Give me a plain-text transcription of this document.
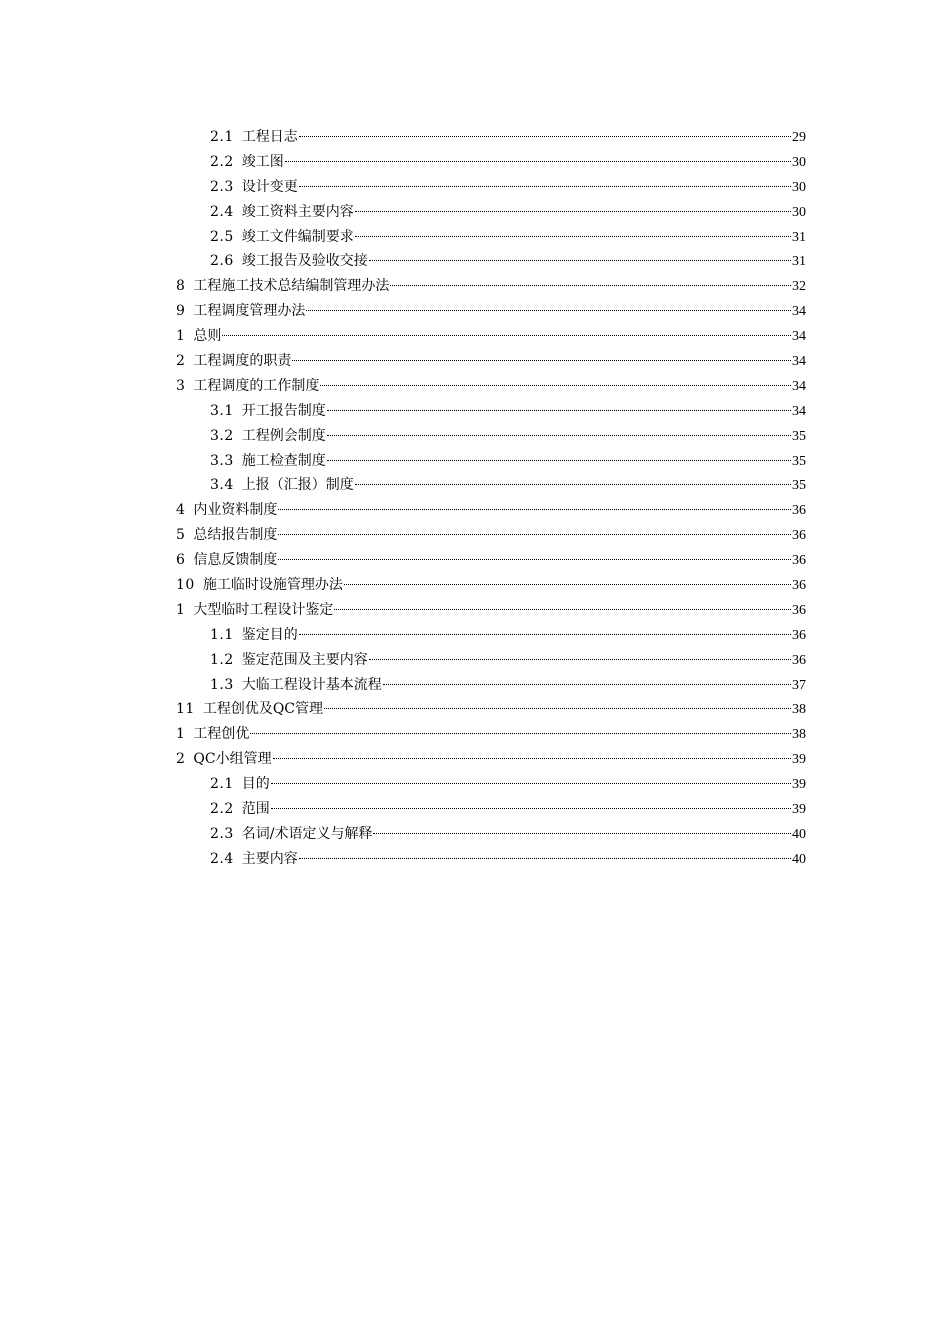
2.1 工程日志	29
2.2 竣工图	30
2.3 设计变更	30
2.4 竣工资料主要内容	30
2.5 竣工文件编制要求	31
2.6 竣工报告及验收交接	31
8 工程施工技术总结编制管理办法	32
9 工程调度管理办法	34
1 总则	34
2 工程调度的职责	34
3 工程调度的工作制度	34
3.1 开工报告制度	34
3.2 工程例会制度	35
3.3 施工检查制度	35
3.4 上报（汇报）制度	35
4 内业资料制度	36
5 总结报告制度	36
6 信息反馈制度	36
10 施工临时设施管理办法	36
1 大型临时工程设计鉴定	36
1.1 鉴定目的	36
1.2 鉴定范围及主要内容	36
1.3 大临工程设计基本流程	37
11 工程创优及QC管理	38
1 工程创优	38
2 QC小组管理	39
2.1 目的	39
2.2 范围	39
2.3 名词/术语定义与解释	40
2.4 主要内容	40
